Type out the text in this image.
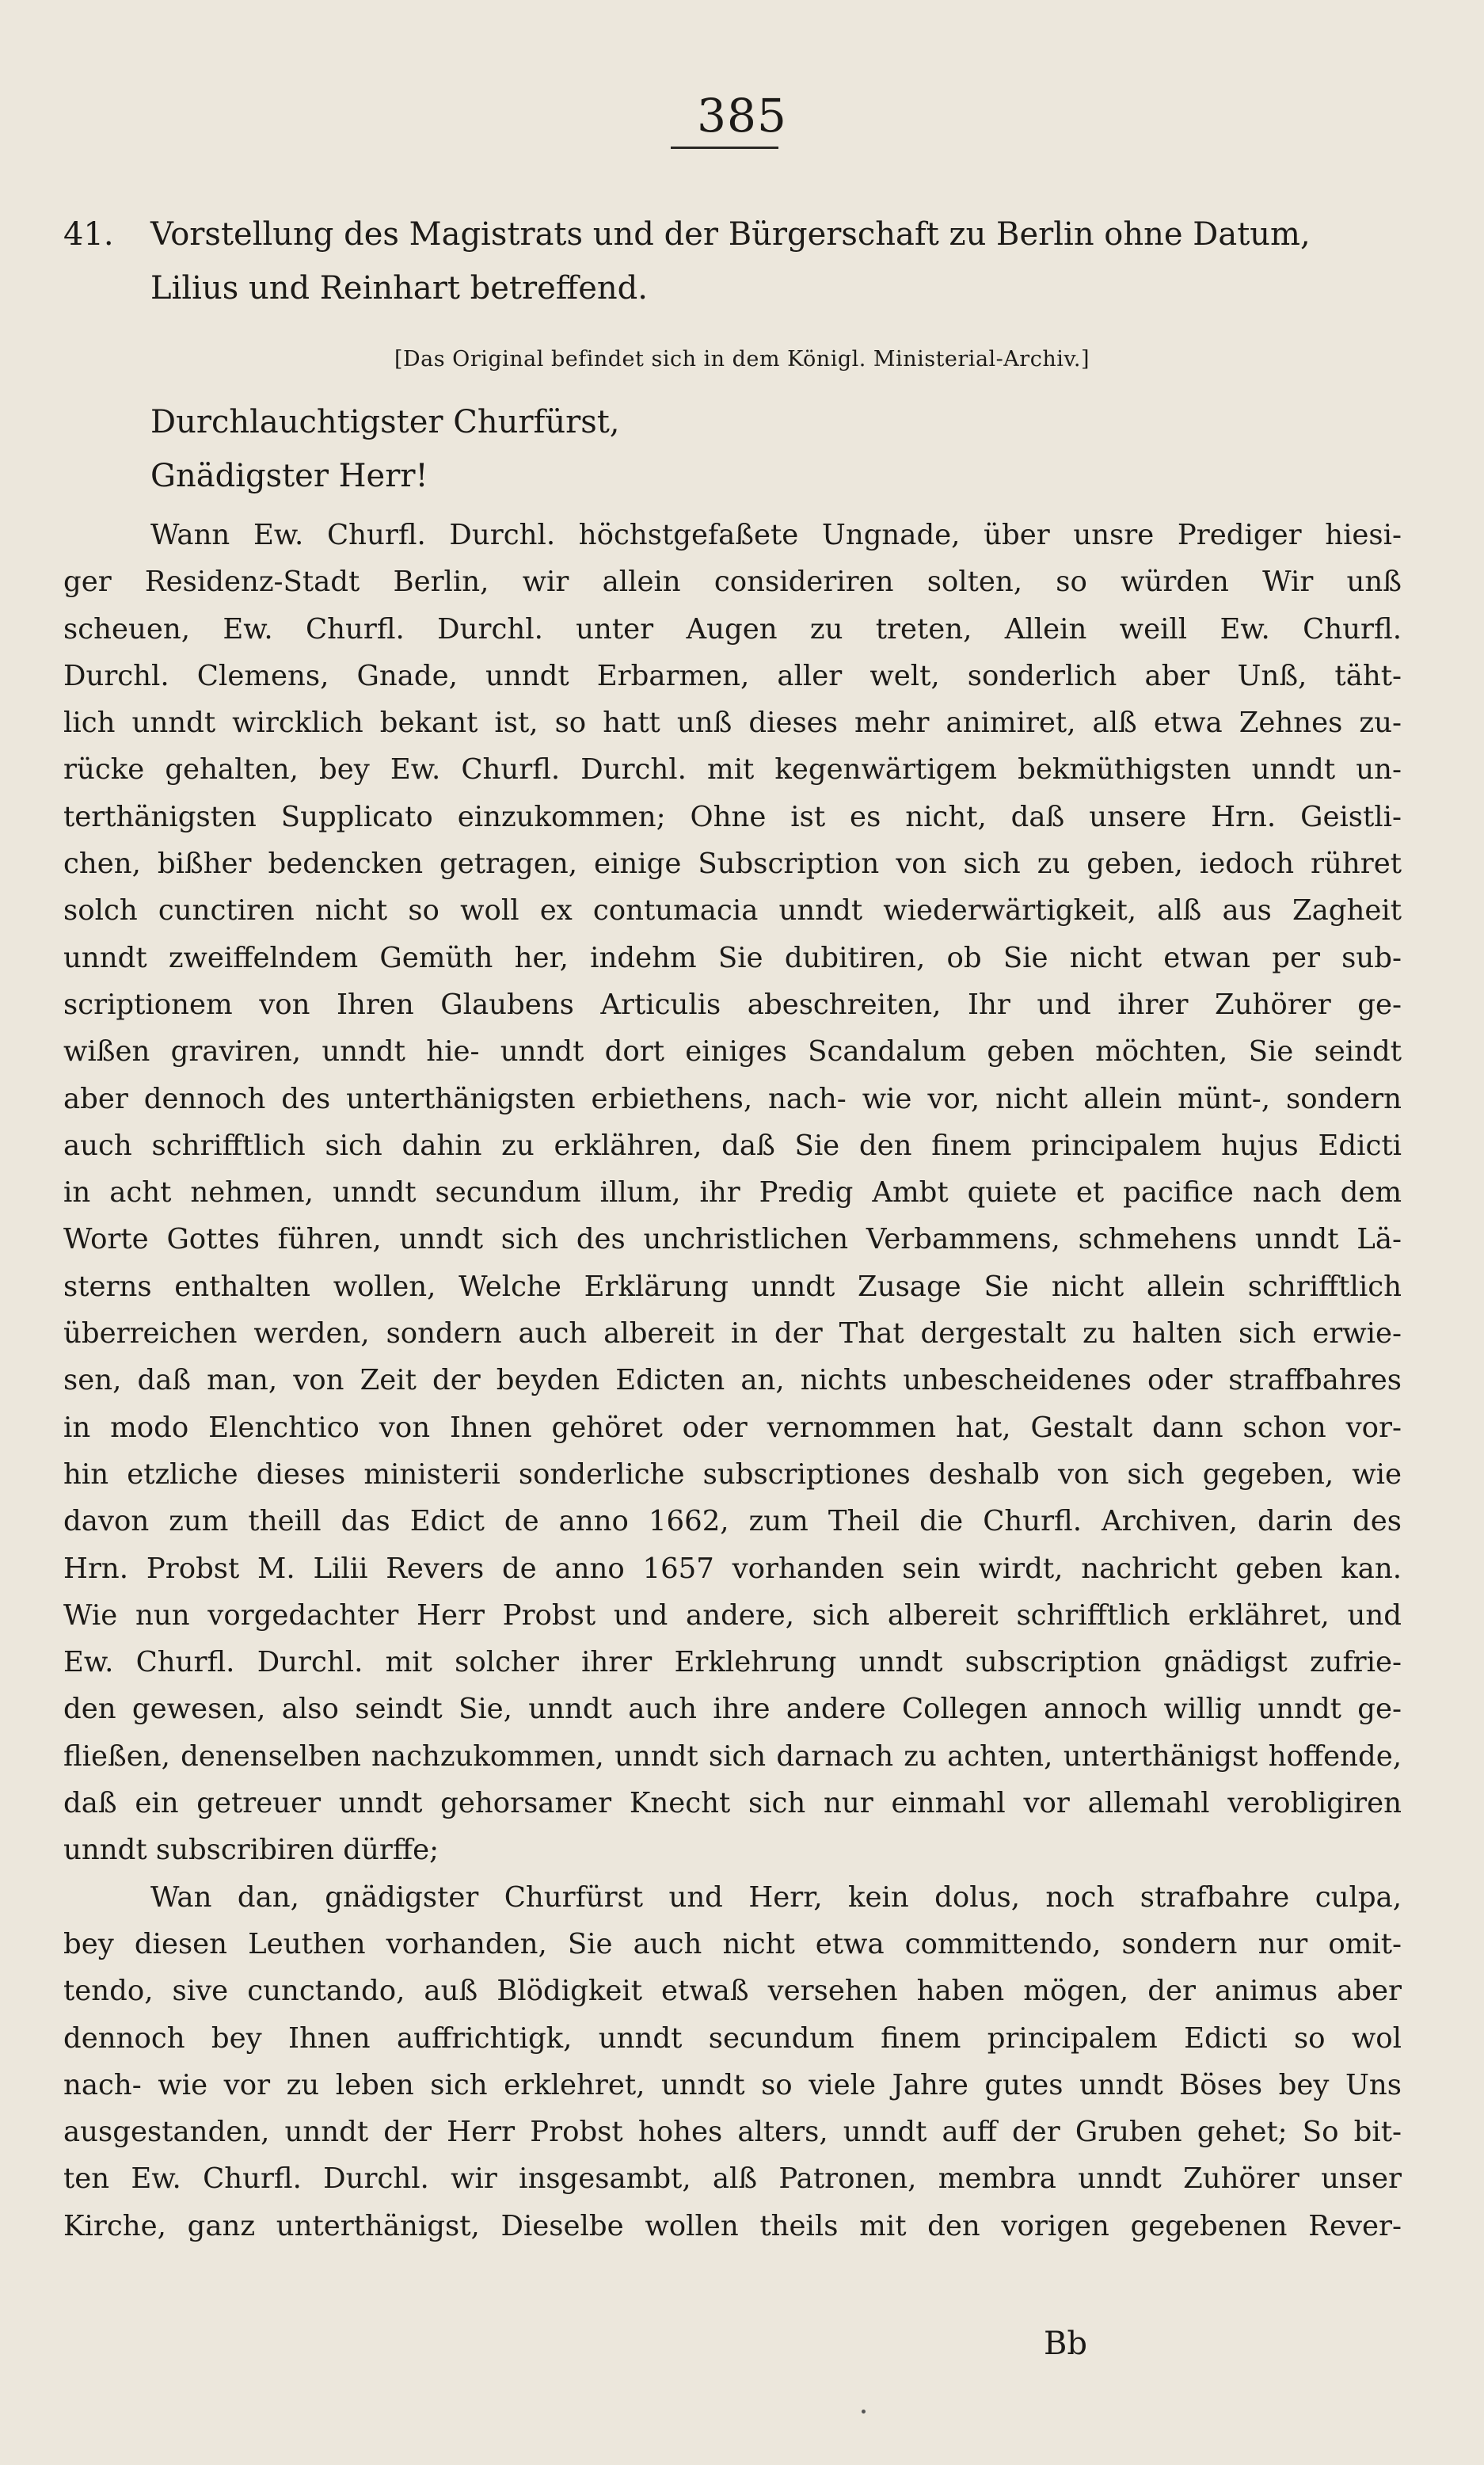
385
41. Vorstellung des Magistrats und der Bürgerschaft zu Berlin ohne Datum,
Lilius und Reinhart betreffend.
[Das Original befindet sich in dem Königl. Ministerial-Archiv.]
Durchlauchtigster Churfürst,
Gnädigster Herr!
Wann Ew. Churfl. Durchl. höchstgefaßete Ungnade, über unsre Prediger hiesi-
ger Residenz-Stadt Berlin, wir allein consideriren solten, so würden Wir unß
scheuen, Ew. Churfl. Durchl. unter Augen zu treten, Allein weill Ew. Churfl.
Durchl. Clemens, Gnade, unndt Erbarmen, aller welt, sonderlich aber Unß, täht-
lich unndt wircklich bekant ist, so hatt unß dieses mehr animiret, alß etwa Zehnes zu-
rücke gehalten, bey Ew. Churfl. Durchl. mit kegenwärtigem bekmüthigsten unndt un-
terthänigsten Supplicato einzukommen; Ohne ist es nicht, daß unsere Hrn. Geistli-
chen, bißher bedencken getragen, einige Subscription von sich zu geben, iedoch rühret
solch cunctiren nicht so woll ex contumacia unndt wiederwärtigkeit, alß aus Zagheit
unndt zweiffelndem Gemüth her, indehm Sie dubitiren, ob Sie nicht etwan per sub-
scriptionem von Ihren Glaubens Articulis abeschreiten, Ihr und ihrer Zuhörer ge-
wißen graviren, unndt hie- unndt dort einiges Scandalum geben möchten, Sie seindt
aber dennoch des unterthänigsten erbiethens, nach- wie vor, nicht allein münt-, sondern
auch schrifftlich sich dahin zu erklähren, daß Sie den finem principalem hujus Edicti
in acht nehmen, unndt secundum illum, ihr Predig Ambt quiete et pacifice nach dem
Worte Gottes führen, unndt sich des unchristlichen Verbammens, schmehens unndt Lä-
sterns enthalten wollen, Welche Erklärung unndt Zusage Sie nicht allein schrifftlich
überreichen werden, sondern auch albereit in der That dergestalt zu halten sich erwie-
sen, daß man, von Zeit der beyden Edicten an, nichts unbescheidenes oder straffbahres
in modo Elenchtico von Ihnen gehöret oder vernommen hat, Gestalt dann schon vor-
hin etzliche dieses ministerii sonderliche subscriptiones deshalb von sich gegeben, wie
davon zum theill das Edict de anno 1662, zum Theil die Churfl. Archiven, darin des
Hrn. Probst M. Lilii Revers de anno 1657 vorhanden sein wirdt, nachricht geben kan.
Wie nun vorgedachter Herr Probst und andere, sich albereit schrifftlich erklähret, und
Ew. Churfl. Durchl. mit solcher ihrer Erklehrung unndt subscription gnädigst zufrie-
den gewesen, also seindt Sie, unndt auch ihre andere Collegen annoch willig unndt ge-
fließen, denenselben nachzukommen, unndt sich darnach zu achten, unterthänigst hoffende,
daß ein getreuer unndt gehorsamer Knecht sich nur einmahl vor allemahl verobligiren
unndt subscribiren dürffe;
Wan dan, gnädigster Churfürst und Herr, kein dolus, noch strafbahre culpa,
bey diesen Leuthen vorhanden, Sie auch nicht etwa committendo, sondern nur omit-
tendo, sive cunctando, auß Blödigkeit etwaß versehen haben mögen, der animus aber
dennoch bey Ihnen auffrichtigk, unndt secundum finem principalem Edicti so wol
nach- wie vor zu leben sich erklehret, unndt so viele Jahre gutes unndt Böses bey Uns
ausgestanden, unndt der Herr Probst hohes alters, unndt auff der Gruben gehet; So bit-
ten Ew. Churfl. Durchl. wir insgesambt, alß Patronen, membra unndt Zuhörer unser
Kirche, ganz unterthänigst, Dieselbe wollen theils mit den vorigen gegebenen Rever-
Bb
